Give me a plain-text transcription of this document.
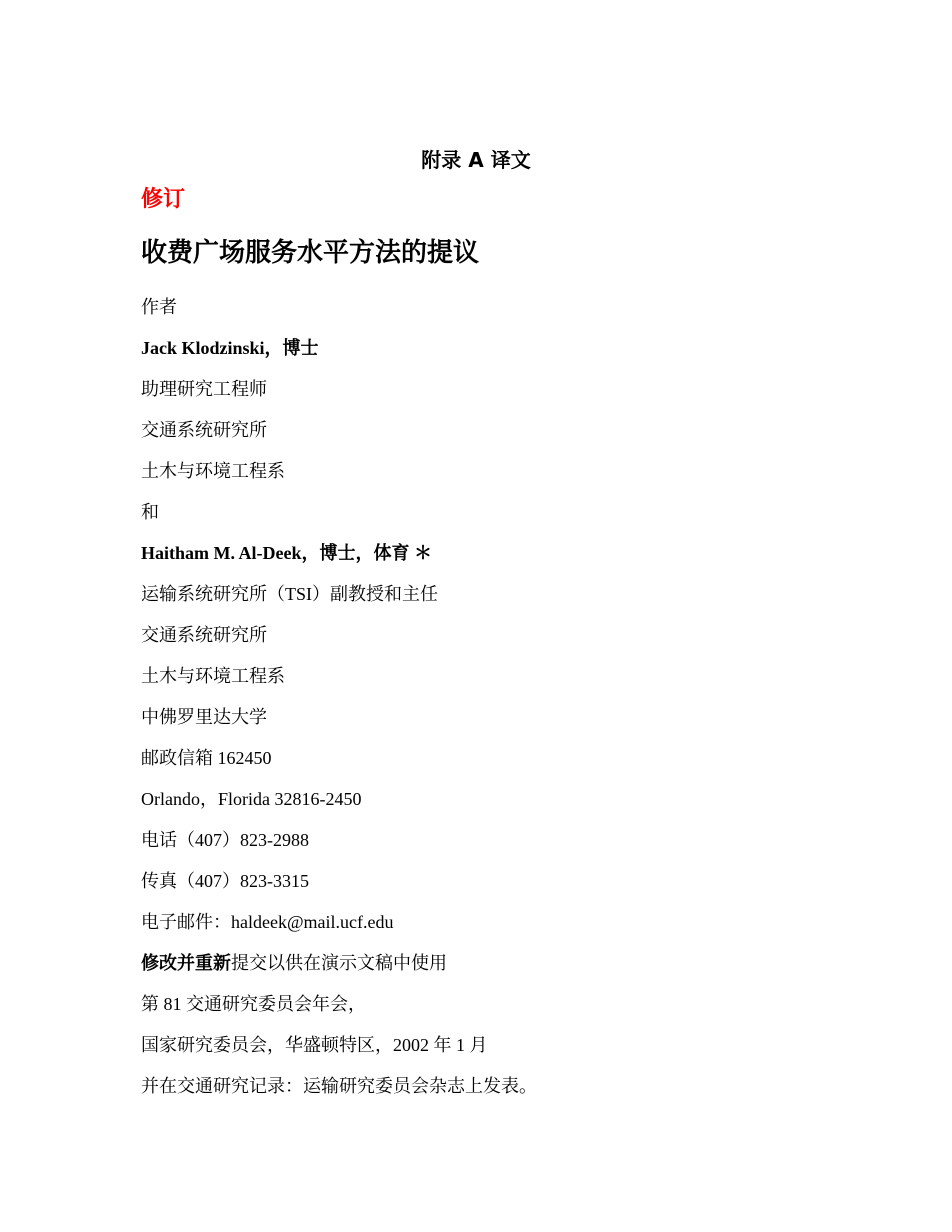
附录 A 译文
修订
收费广场服务水平方法的提议
作者
Jack Klodzinski，博士
助理研究工程师
交通系统研究所
土木与环境工程系
和
Haitham M. Al-Deek，博士，体育 ＊
运输系统研究所（TSI）副教授和主任
交通系统研究所
土木与环境工程系
中佛罗里达大学
邮政信箱 162450
Orlando，Florida 32816-2450
电话（407）823-2988
传真（407）823-3315
电子邮件：haldeek@mail.ucf.edu
修改并重新提交以供在演示文稿中使用
第 81 交通研究委员会年会，
国家研究委员会，华盛顿特区，2002 年 1 月
并在交通研究记录：运输研究委员会杂志上发表。
